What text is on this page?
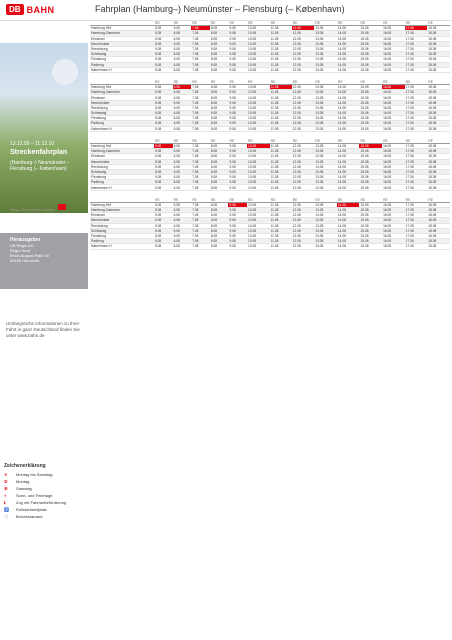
DB BAHN	Fahrplan (Hamburg–) Neumünster – Flensburg (– København)
13.12.09 – 11.12.10
Streckenfahrplan
(Hamburg–) Neumünster – Flensburg (– København)
Regio Schleswig-Holstein
Herausgeber
DB Regio AG
Regio Nord
Ernst-August-Platz 10
30159 Hannover
Umfangreiche Informationen zu Ihrer Fahrt in ganz Deutschland finden Sie unter www.bahn.de
Zeichenerklärung
✕	Montag bis Samstag
①	Montag
⑥	Samstag
†	Sonn- und Feiertage
ℹ	Zug mit Fahrradbeförderung
♿	Rollstuhlstellplatz
🍴	Bordrestaurant
	RE	RE	RE	RE	RE	RE	RE	RE	RE	RE	RE	RE	RE	RE
Hamburg Hbf	5.08	6.08	7.08	8.08	9.08	10.08	11.08	12.08	13.08	14.08	15.08	16.08	17.08	18.08
Hamburg-Dammtor	5.08	6.08	7.08	8.08	9.08	10.08	11.08	12.08	13.08	14.08	15.08	16.08	17.08	18.08
Elmshorn	5.08	6.08	7.08	8.08	9.08	10.08	11.08	12.08	13.08	14.08	15.08	16.08	17.08	18.08
Neumünster	5.08	6.08	7.08	8.08	9.08	10.08	11.08	12.08	13.08	14.08	15.08	16.08	17.08	18.08
Rendsburg	5.08	6.08	7.08	8.08	9.08	10.08	11.08	12.08	13.08	14.08	15.08	16.08	17.08	18.08
Schleswig	5.08	6.08	7.08	8.08	9.08	10.08	11.08	12.08	13.08	14.08	15.08	16.08	17.08	18.08
Flensburg	5.08	6.08	7.08	8.08	9.08	10.08	11.08	12.08	13.08	14.08	15.08	16.08	17.08	18.08
Padborg	5.08	6.08	7.08	8.08	9.08	10.08	11.08	12.08	13.08	14.08	15.08	16.08	17.08	18.08
København H	5.08	6.08	7.08	8.08	9.08	10.08	11.08	12.08	13.08	14.08	15.08	16.08	17.08	18.08
	RE	RE	RE	RE	RE	RE	RE	RE	RE	RE	RE	RE	RE	RE
Hamburg Hbf	5.08	6.08	7.08	8.08	9.08	10.08	11.08	12.08	13.08	14.08	15.08	16.08	17.08	18.08
Hamburg-Dammtor	5.08	6.08	7.08	8.08	9.08	10.08	11.08	12.08	13.08	14.08	15.08	16.08	17.08	18.08
Elmshorn	5.08	6.08	7.08	8.08	9.08	10.08	11.08	12.08	13.08	14.08	15.08	16.08	17.08	18.08
Neumünster	5.08	6.08	7.08	8.08	9.08	10.08	11.08	12.08	13.08	14.08	15.08	16.08	17.08	18.08
Rendsburg	5.08	6.08	7.08	8.08	9.08	10.08	11.08	12.08	13.08	14.08	15.08	16.08	17.08	18.08
Schleswig	5.08	6.08	7.08	8.08	9.08	10.08	11.08	12.08	13.08	14.08	15.08	16.08	17.08	18.08
Flensburg	5.08	6.08	7.08	8.08	9.08	10.08	11.08	12.08	13.08	14.08	15.08	16.08	17.08	18.08
Padborg	5.08	6.08	7.08	8.08	9.08	10.08	11.08	12.08	13.08	14.08	15.08	16.08	17.08	18.08
København H	5.08	6.08	7.08	8.08	9.08	10.08	11.08	12.08	13.08	14.08	15.08	16.08	17.08	18.08
	RE	RE	RE	RE	RE	RE	RE	RE	RE	RE	RE	RE	RE	RE
Hamburg Hbf	5.08	6.08	7.08	8.08	9.08	10.08	11.08	12.08	13.08	14.08	15.08	16.08	17.08	18.08
Hamburg-Dammtor	5.08	6.08	7.08	8.08	9.08	10.08	11.08	12.08	13.08	14.08	15.08	16.08	17.08	18.08
Elmshorn	5.08	6.08	7.08	8.08	9.08	10.08	11.08	12.08	13.08	14.08	15.08	16.08	17.08	18.08
Neumünster	5.08	6.08	7.08	8.08	9.08	10.08	11.08	12.08	13.08	14.08	15.08	16.08	17.08	18.08
Rendsburg	5.08	6.08	7.08	8.08	9.08	10.08	11.08	12.08	13.08	14.08	15.08	16.08	17.08	18.08
Schleswig	5.08	6.08	7.08	8.08	9.08	10.08	11.08	12.08	13.08	14.08	15.08	16.08	17.08	18.08
Flensburg	5.08	6.08	7.08	8.08	9.08	10.08	11.08	12.08	13.08	14.08	15.08	16.08	17.08	18.08
Padborg	5.08	6.08	7.08	8.08	9.08	10.08	11.08	12.08	13.08	14.08	15.08	16.08	17.08	18.08
København H	5.08	6.08	7.08	8.08	9.08	10.08	11.08	12.08	13.08	14.08	15.08	16.08	17.08	18.08
	RE	RE	RE	RE	RE	RE	RE	RE	RE	RE	RE	RE	RE	RE
Hamburg Hbf	5.08	6.08	7.08	8.08	9.08	10.08	11.08	12.08	13.08	14.08	15.08	16.08	17.08	18.08
Hamburg-Dammtor	5.08	6.08	7.08	8.08	9.08	10.08	11.08	12.08	13.08	14.08	15.08	16.08	17.08	18.08
Elmshorn	5.08	6.08	7.08	8.08	9.08	10.08	11.08	12.08	13.08	14.08	15.08	16.08	17.08	18.08
Neumünster	5.08	6.08	7.08	8.08	9.08	10.08	11.08	12.08	13.08	14.08	15.08	16.08	17.08	18.08
Rendsburg	5.08	6.08	7.08	8.08	9.08	10.08	11.08	12.08	13.08	14.08	15.08	16.08	17.08	18.08
Schleswig	5.08	6.08	7.08	8.08	9.08	10.08	11.08	12.08	13.08	14.08	15.08	16.08	17.08	18.08
Flensburg	5.08	6.08	7.08	8.08	9.08	10.08	11.08	12.08	13.08	14.08	15.08	16.08	17.08	18.08
Padborg	5.08	6.08	7.08	8.08	9.08	10.08	11.08	12.08	13.08	14.08	15.08	16.08	17.08	18.08
København H	5.08	6.08	7.08	8.08	9.08	10.08	11.08	12.08	13.08	14.08	15.08	16.08	17.08	18.08
